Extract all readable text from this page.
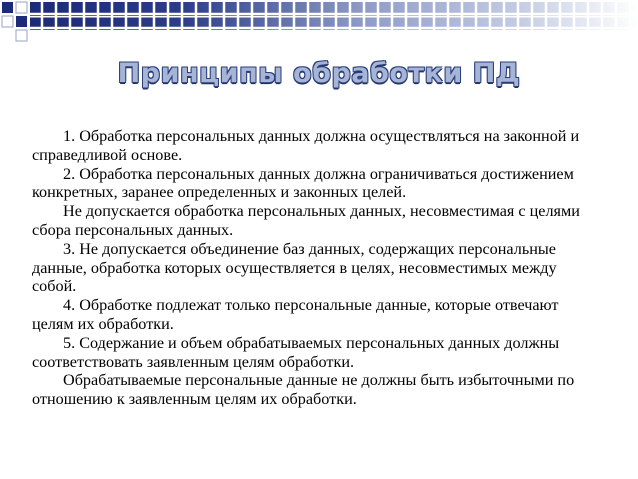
Принципы обработки ПД

1. Обработка персональных данных должна осуществляться на законной и справедливой основе.

2. Обработка персональных данных должна ограничиваться достижением конкретных, заранее определенных и законных целей.

Не допускается обработка персональных данных, несовместимая с целями сбора персональных данных.

3. Не допускается объединение баз данных, содержащих персональные данные, обработка которых осуществляется в целях, несовместимых между собой.

4. Обработке подлежат только персональные данные, которые отвечают целям их обработки.

5. Содержание и объем обрабатываемых персональных данных должны соответствовать заявленным целям обработки.

Обрабатываемые персональные данные не должны быть избыточными по отношению к заявленным целям их обработки.
